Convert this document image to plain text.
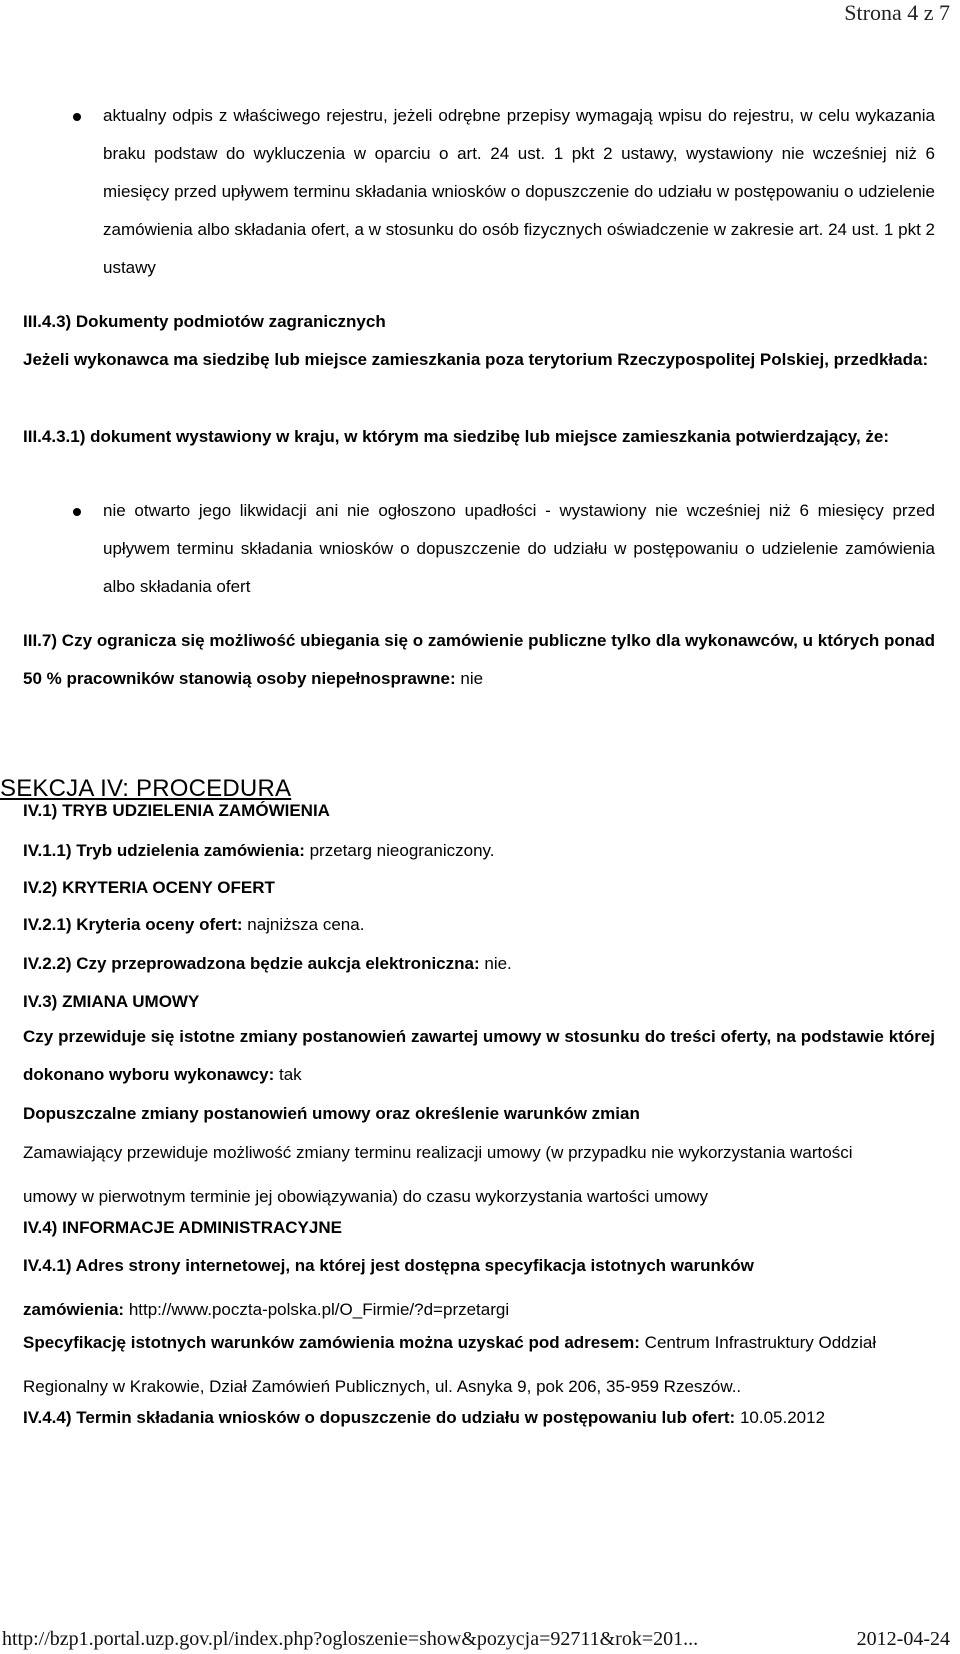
Strona 4 z 7
aktualny odpis z właściwego rejestru, jeżeli odrębne przepisy wymagają wpisu do rejestru, w celu wykazania braku podstaw do wykluczenia w oparciu o art. 24 ust. 1 pkt 2 ustawy, wystawiony nie wcześniej niż 6 miesięcy przed upływem terminu składania wniosków o dopuszczenie do udziału w postępowaniu o udzielenie zamówienia albo składania ofert, a w stosunku do osób fizycznych oświadczenie w zakresie art. 24 ust. 1 pkt 2 ustawy
III.4.3) Dokumenty podmiotów zagranicznych
Jeżeli wykonawca ma siedzibę lub miejsce zamieszkania poza terytorium Rzeczypospolitej Polskiej, przedkłada:
III.4.3.1) dokument wystawiony w kraju, w którym ma siedzibę lub miejsce zamieszkania potwierdzający, że:
nie otwarto jego likwidacji ani nie ogłoszono upadłości - wystawiony nie wcześniej niż 6 miesięcy przed upływem terminu składania wniosków o dopuszczenie do udziału w postępowaniu o udzielenie zamówienia albo składania ofert
III.7) Czy ogranicza się możliwość ubiegania się o zamówienie publiczne tylko dla wykonawców, u których ponad 50 % pracowników stanowią osoby niepełnosprawne: nie
SEKCJA IV: PROCEDURA
IV.1) TRYB UDZIELENIA ZAMÓWIENIA
IV.1.1) Tryb udzielenia zamówienia: przetarg nieograniczony.
IV.2) KRYTERIA OCENY OFERT
IV.2.1) Kryteria oceny ofert: najniższa cena.
IV.2.2) Czy przeprowadzona będzie aukcja elektroniczna: nie.
IV.3) ZMIANA UMOWY
Czy przewiduje się istotne zmiany postanowień zawartej umowy w stosunku do treści oferty, na podstawie której dokonano wyboru wykonawcy: tak
Dopuszczalne zmiany postanowień umowy oraz określenie warunków zmian
Zamawiający przewiduje możliwość zmiany terminu realizacji umowy (w przypadku nie wykorzystania wartości umowy w pierwotnym terminie jej obowiązywania) do czasu wykorzystania wartości umowy
IV.4) INFORMACJE ADMINISTRACYJNE
IV.4.1) Adres strony internetowej, na której jest dostępna specyfikacja istotnych warunków zamówienia: http://www.poczta-polska.pl/O_Firmie/?d=przetargi
Specyfikację istotnych warunków zamówienia można uzyskać pod adresem: Centrum Infrastruktury Oddział Regionalny w Krakowie, Dział Zamówień Publicznych, ul. Asnyka 9, pok 206, 35-959 Rzeszów..
IV.4.4) Termin składania wniosków o dopuszczenie do udziału w postępowaniu lub ofert: 10.05.2012
http://bzp1.portal.uzp.gov.pl/index.php?ogloszenie=show&pozycja=92711&rok=201...	2012-04-24
